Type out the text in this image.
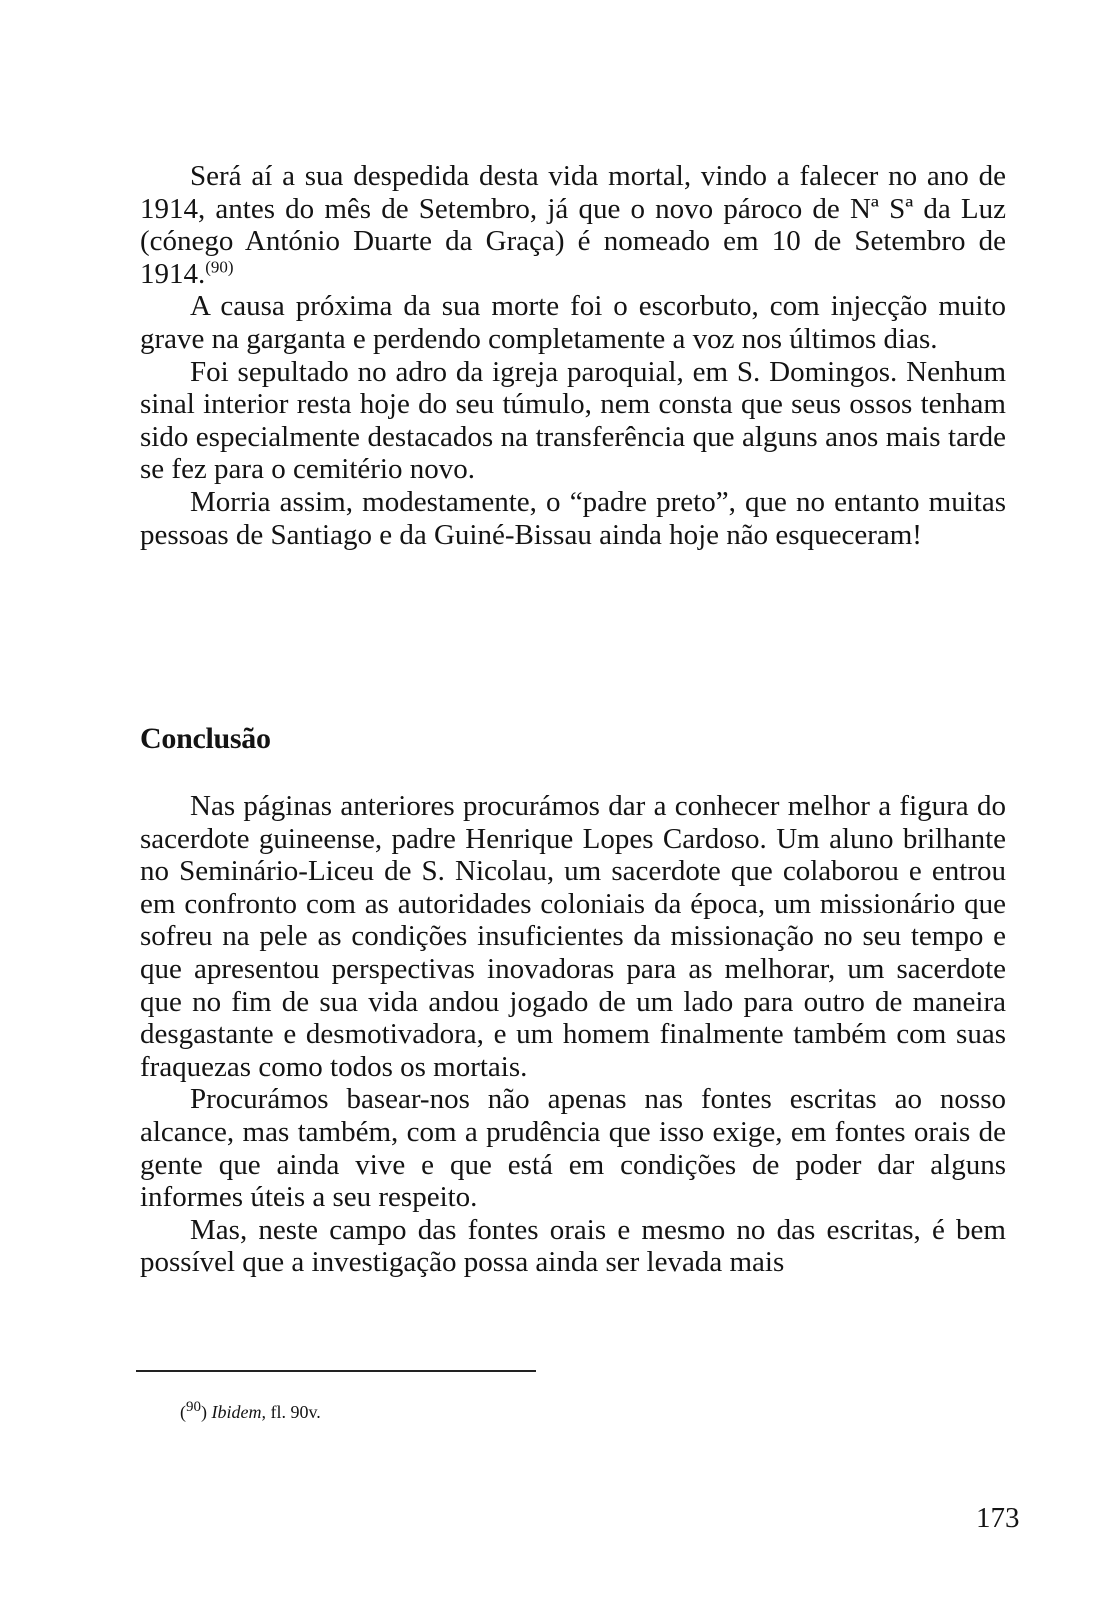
Será aí a sua despedida desta vida mortal, vindo a falecer no ano de 1914, antes do mês de Setembro, já que o novo pároco de Nª Sª da Luz (cónego António Duarte da Graça) é nomeado em 10 de Setembro de 1914.$^{(90)}$

A causa próxima da sua morte foi o escorbuto, com injecção muito grave na garganta e perdendo completamente a voz nos últimos dias.

Foi sepultado no adro da igreja paroquial, em S. Domingos. Nenhum sinal interior resta hoje do seu túmulo, nem consta que seus ossos tenham sido especialmente destacados na transferência que alguns anos mais tarde se fez para o cemitério novo.

Morria assim, modestamente, o “padre preto”, que no entanto muitas pessoas de Santiago e da Guiné-Bissau ainda hoje não esqueceram!

Conclusão

Nas páginas anteriores procurámos dar a conhecer melhor a figura do sacerdote guineense, padre Henrique Lopes Cardoso. Um aluno brilhante no Seminário-Liceu de S. Nicolau, um sacerdote que colaborou e entrou em confronto com as autoridades coloniais da época, um missionário que sofreu na pele as condições insuficientes da missionação no seu tempo e que apresentou perspectivas inovadoras para as melhorar, um sacerdote que no fim de sua vida andou jogado de um lado para outro de maneira desgastante e desmotivadora, e um homem finalmente também com suas fraquezas como todos os mortais.

Procurámos basear-nos não apenas nas fontes escritas ao nosso alcance, mas também, com a prudência que isso exige, em fontes orais de gente que ainda vive e que está em condições de poder dar alguns informes úteis a seu respeito.

Mas, neste campo das fontes orais e mesmo no das escritas, é bem possível que a investigação possa ainda ser levada mais

($^{90}$) Ibidem, fl. 90v.
173
